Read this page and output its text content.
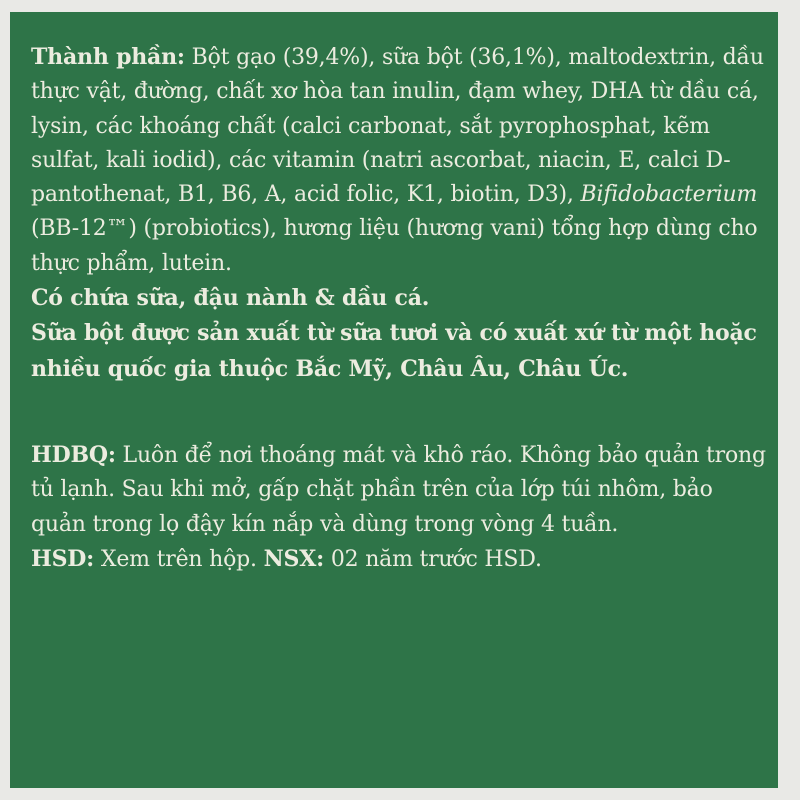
Thành phần: Bột gạo (39,4%), sữa bột (36,1%), maltodextrin, dầu thực vật, đường, chất xơ hòa tan inulin, đạm whey, DHA từ dầu cá, lysin, các khoáng chất (calci carbonat, sắt pyrophosphat, kẽm sulfat, kali iodid), các vitamin (natri ascorbat, niacin, E, calci D-pantothenat, B1, B6, A, acid folic, K1, biotin, D3), Bifidobacterium (BB-12™) (probiotics), hương liệu (hương vani) tổng hợp dùng cho thực phẩm, lutein.

Có chứa sữa, đậu nành & dầu cá.

Sữa bột được sản xuất từ sữa tươi và có xuất xứ từ một hoặc nhiều quốc gia thuộc Bắc Mỹ, Châu Âu, Châu Úc.

HDBQ: Luôn để nơi thoáng mát và khô ráo. Không bảo quản trong tủ lạnh. Sau khi mở, gấp chặt phần trên của lớp túi nhôm, bảo quản trong lọ đậy kín nắp và dùng trong vòng 4 tuần.

HSD: Xem trên hộp. NSX: 02 năm trước HSD.
